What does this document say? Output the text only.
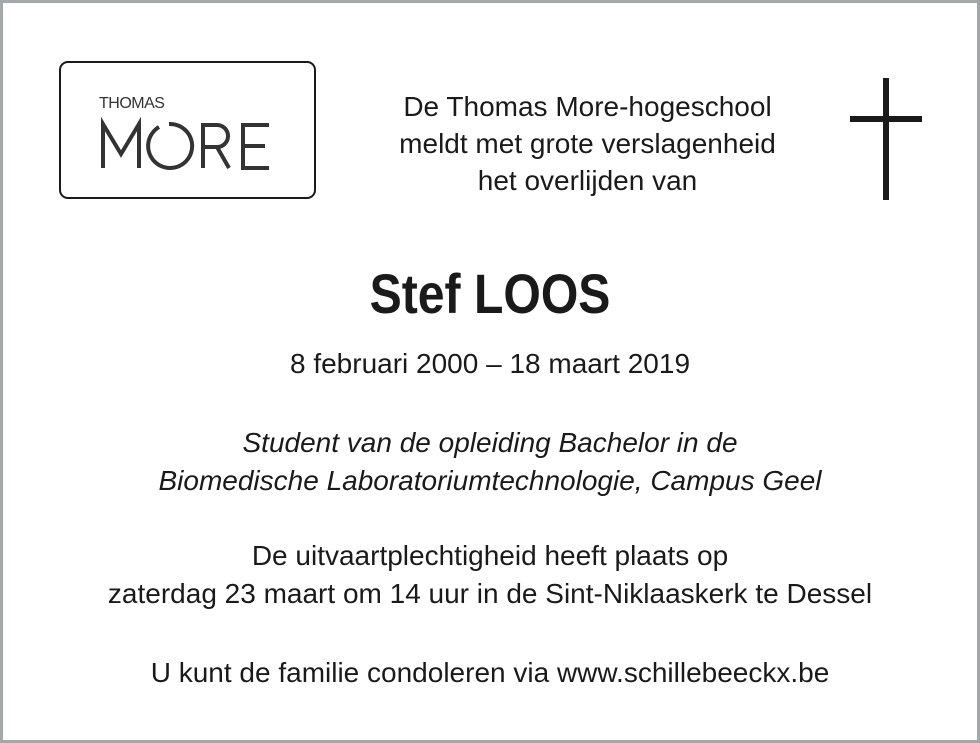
THOMAS	De Thomas More-hogeschool
meldt met grote verslagenheid
het overlijden van
Stef LOOS
8 februari 2000 – 18 maart 2019
Student van de opleiding Bachelor in de
Biomedische Laboratoriumtechnologie, Campus Geel
De uitvaartplechtigheid heeft plaats op
zaterdag 23 maart om 14 uur in de Sint-Niklaaskerk te Dessel
U kunt de familie condoleren via www.schillebeeckx.be
